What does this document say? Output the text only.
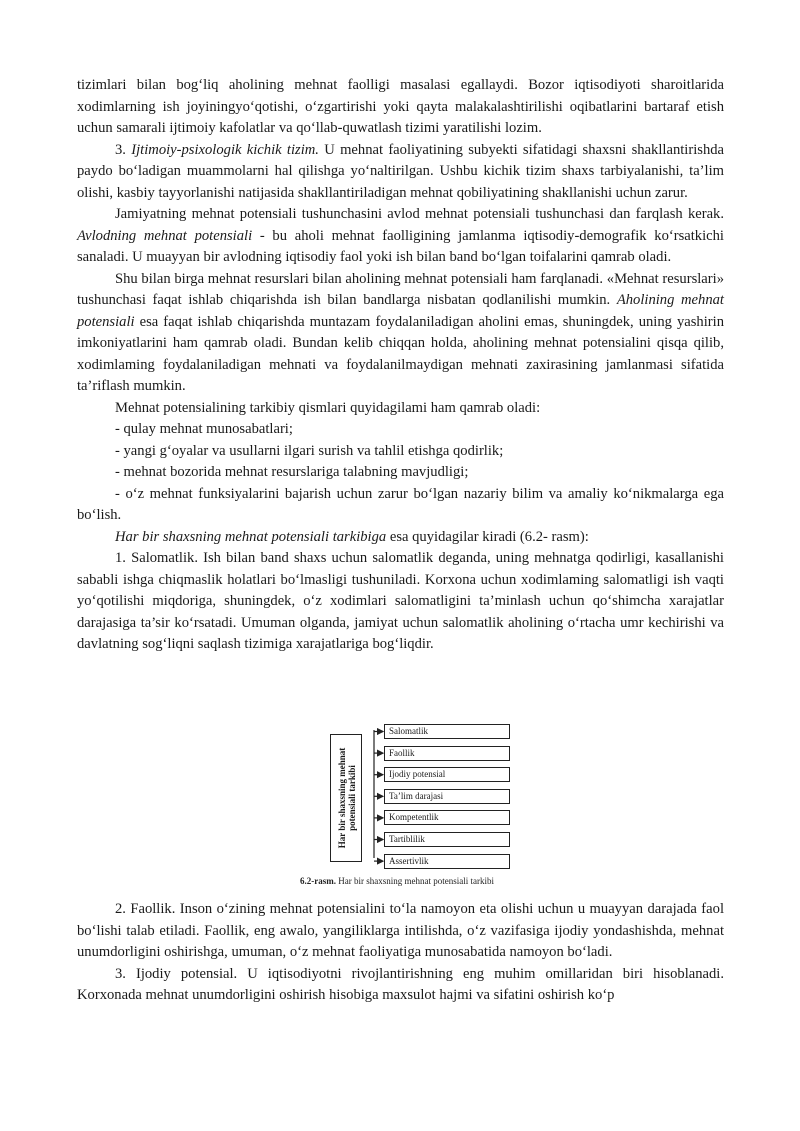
tizimlari bilan bog‘liq aholining mehnat faolligi masalasi egallaydi. Bozor iqtisodiyoti sharoitlarida xodimlarning ish joyiningyo‘qotishi, o‘zgartirishi yoki qayta malakalashtirilishi oqibatlarini bartaraf etish uchun samarali ijtimoiy kafolatlar va qo‘llab-quwatlash tizimi yaratilishi lozim.

3. Ijtimoiy-psixologik kichik tizim. U mehnat faoliyatining subyekti sifatidagi shaxsni shakllantirishda paydo bo‘ladigan muammolarni hal qilishga yo‘naltirilgan. Ushbu kichik tizim shaxs tarbiyalanishi, ta’lim olishi, kasbiy tayyorlanishi natijasida shakllantiriladigan mehnat qobiliyatining shakllanishi uchun zarur.

Jamiyatning mehnat potensiali tushunchasini avlod mehnat potensiali tushunchasi dan farqlash kerak. Avlodning mehnat potensiali - bu aholi mehnat faolligining jamlanma iqtisodiy-demografik ko‘rsatkichi sanaladi. U muayyan bir avlodning iqtisodiy faol yoki ish bilan band bo‘lgan toifalarini qamrab oladi.

Shu bilan birga mehnat resurslari bilan aholining mehnat potensiali ham farqlanadi. «Mehnat resurslari» tushunchasi faqat ishlab chiqarishda ish bilan bandlarga nisbatan qodlanilishi mumkin. Aholining mehnat potensiali esa faqat ishlab chiqarishda muntazam foydalaniladigan aholini emas, shuningdek, uning yashirin imkoniyatlarini ham qamrab oladi. Bundan kelib chiqqan holda, aholining mehnat potensialini qisqa qilib, xodimlaming foydalaniladigan mehnati va foydalanilmaydigan mehnati zaxirasining jamlanmasi sifatida ta’riflash mumkin.

Mehnat potensialining tarkibiy qismlari quyidagilami ham qamrab oladi:

- qulay mehnat munosabatlari;

- yangi g‘oyalar va usullarni ilgari surish va tahlil etishga qodirlik;

- mehnat bozorida mehnat resurslariga talabning mavjudligi;

- o‘z mehnat funksiyalarini bajarish uchun zarur bo‘lgan nazariy bilim va amaliy ko‘nikmalarga ega bo‘lish.

Har bir shaxsning mehnat potensiali tarkibiga esa quyidagilar kiradi (6.2- rasm):

1. Salomatlik. Ish bilan band shaxs uchun salomatlik deganda, uning mehnatga qodirligi, kasallanishi sababli ishga chiqmaslik holatlari bo‘lmasligi tushuniladi. Korxona uchun xodimlaming salomatligi ish vaqti yo‘qotilishi miqdoriga, shuningdek, o‘z xodimlari salomatligini ta’minlash uchun qo‘shimcha xarajatlar darajasiga ta’sir ko‘rsatadi. Umuman olganda, jamiyat uchun salomatlik aholining o‘rtacha umr kechirishi va davlatning sog‘liqni saqlash tizimiga xarajatlariga bog‘liqdir.

Har bir shaxsning mehnat potensiali tarkibi
Salomatlik
Faollik
Ijodiy potensial
Ta’lim darajasi
Kompetentlik
Tartiblilik
Assertivlik
6.2-rasm. Har bir shaxsning mehnat potensiali tarkibi

2. Faollik. Inson o‘zining mehnat potensialini to‘la namoyon eta olishi uchun u muayyan darajada faol bo‘lishi talab etiladi. Faollik, eng awalo, yangiliklarga intilishda, o‘z vazifasiga ijodiy yondashishda, mehnat unumdorligini oshirishga, umuman, o‘z mehnat faoliyatiga munosabatida namoyon bo‘ladi.

3. Ijodiy potensial. U iqtisodiyotni rivojlantirishning eng muhim omillaridan biri hisoblanadi. Korxonada mehnat unumdorligini oshirish hisobiga maxsulot hajmi va sifatini oshirish ko‘p
